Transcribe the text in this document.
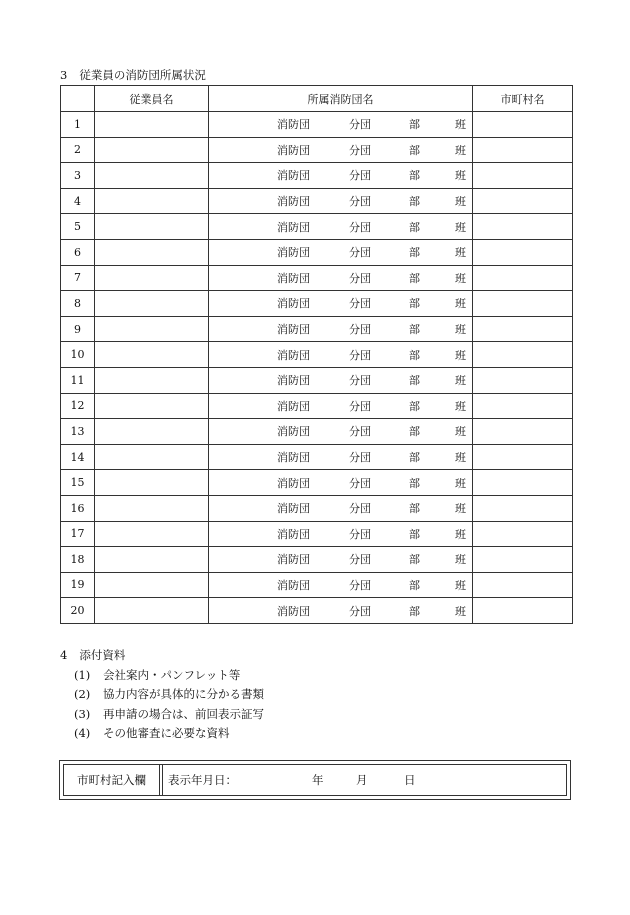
3 従業員の消防団所属状況
	従業員名	所属消防団名	市町村名
1		消防団 分団 部 班	

2		消防団 分団 部 班	

3		消防団 分団 部 班	

4		消防団 分団 部 班	

5		消防団 分団 部 班	

6		消防団 分団 部 班	

7		消防団 分団 部 班	

8		消防団 分団 部 班	

9		消防団 分団 部 班	

10		消防団 分団 部 班	

11		消防団 分団 部 班	

12		消防団 分団 部 班	

13		消防団 分団 部 班	

14		消防団 分団 部 班	

15		消防団 分団 部 班	

16		消防団 分団 部 班	

17		消防団 分団 部 班	

18		消防団 分団 部 班	

19		消防団 分団 部 班	

20		消防団 分団 部 班	

4 添付資料
(1) 会社案内・パンフレット等
(2) 協力内容が具体的に分かる書類
(3) 再申請の場合は、前回表示証写
(4) その他審査に必要な資料
市町村記入欄	表示年月日：	年	月	日
